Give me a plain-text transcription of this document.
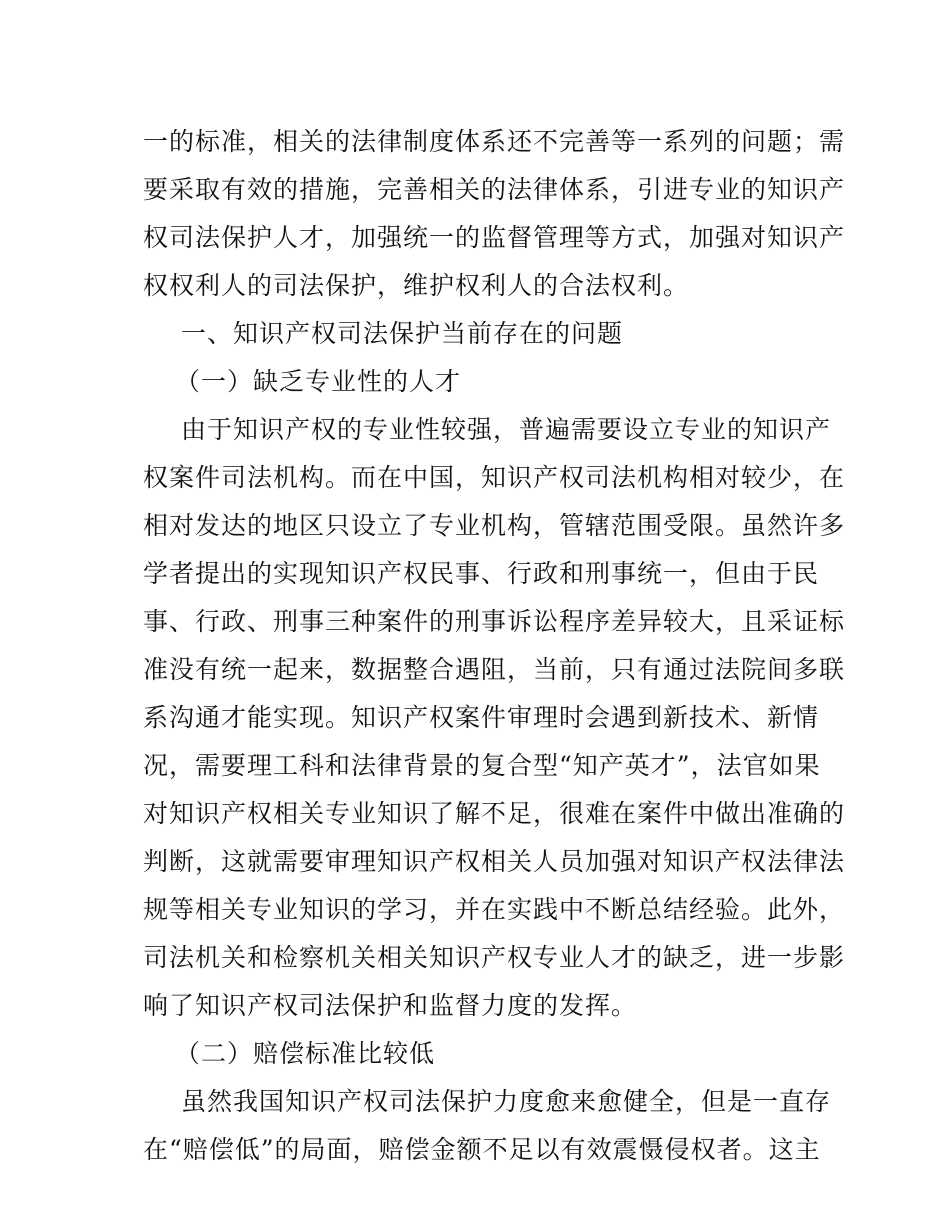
一的标准，相关的法律制度体系还不完善等一系列的问题；需
要采取有效的措施，完善相关的法律体系，引进专业的知识产
权司法保护人才，加强统一的监督管理等方式，加强对知识产
权权利人的司法保护，维护权利人的合法权利。
一、知识产权司法保护当前存在的问题
（一）缺乏专业性的人才
由于知识产权的专业性较强，普遍需要设立专业的知识产
权案件司法机构。而在中国，知识产权司法机构相对较少，在
相对发达的地区只设立了专业机构，管辖范围受限。虽然许多
学者提出的实现知识产权民事、行政和刑事统一，但由于民
事、行政、刑事三种案件的刑事诉讼程序差异较大，且采证标
准没有统一起来，数据整合遇阻，当前，只有通过法院间多联
系沟通才能实现。知识产权案件审理时会遇到新技术、新情
况，需要理工科和法律背景的复合型“知产英才”，法官如果
对知识产权相关专业知识了解不足，很难在案件中做出准确的
判断，这就需要审理知识产权相关人员加强对知识产权法律法
规等相关专业知识的学习，并在实践中不断总结经验。此外，
司法机关和检察机关相关知识产权专业人才的缺乏，进一步影
响了知识产权司法保护和监督力度的发挥。
（二）赔偿标准比较低
虽然我国知识产权司法保护力度愈来愈健全，但是一直存
在“赔偿低”的局面，赔偿金额不足以有效震慑侵权者。这主
